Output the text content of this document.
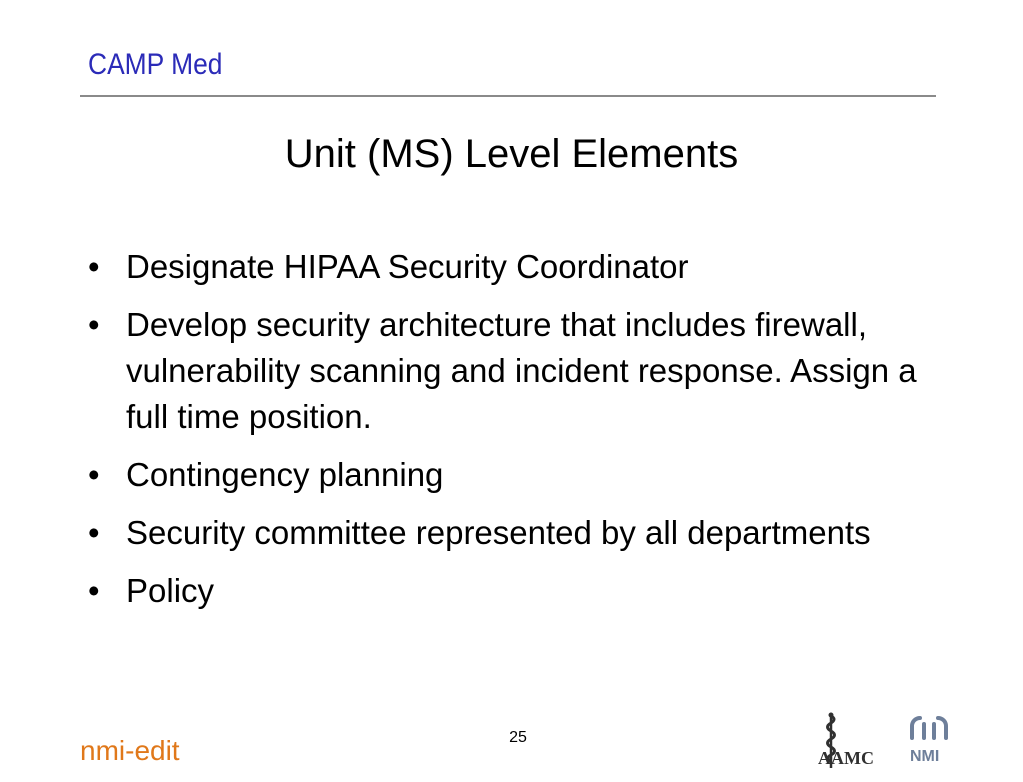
CAMP Med
Unit (MS) Level Elements
• Designate HIPAA Security Coordinator
• Develop security architecture that includes firewall, vulnerability scanning and incident response. Assign a full time position.
• Contingency planning
• Security committee represented by all departments
• Policy
nmi-edit	25
AAMC NMI
